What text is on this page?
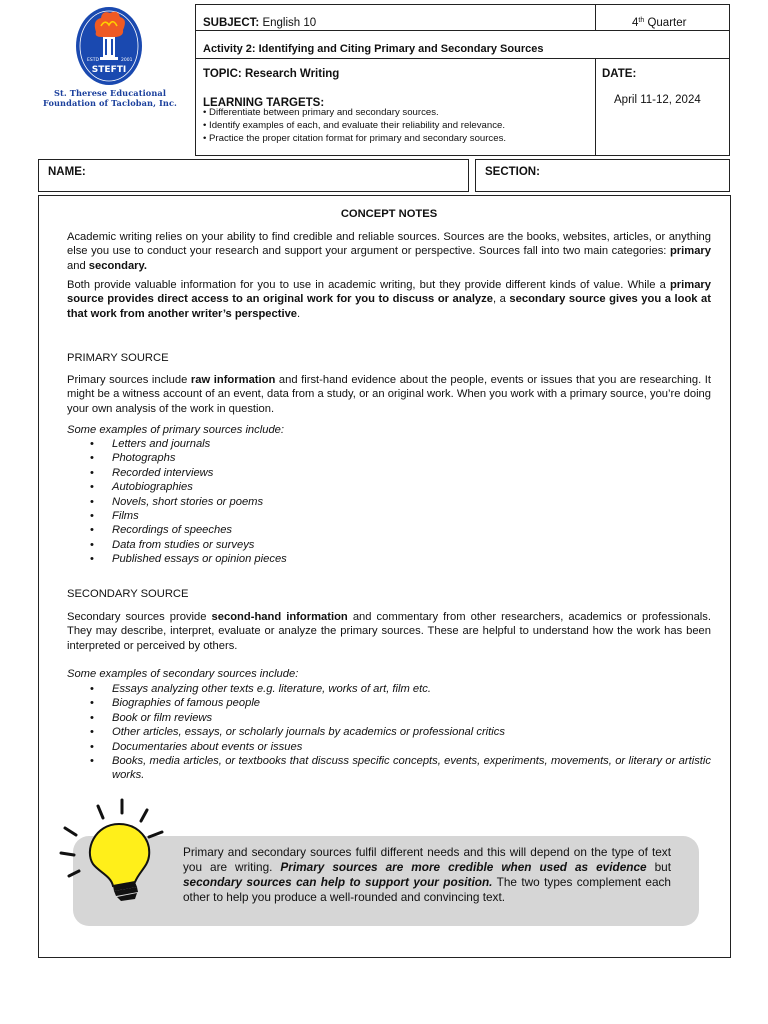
ESTD	2001
STEFTI
St. Therese Educational
Foundation of Tacloban, Inc.
SUBJECT: English 10	4th Quarter
Activity 2: Identifying and Citing Primary and Secondary Sources
TOPIC: Research Writing
LEARNING TARGETS:
• Differentiate between primary and secondary sources.
• Identify examples of each, and evaluate their reliability and relevance.
• Practice the proper citation format for primary and secondary sources.
DATE:
April 11-12, 2024
NAME:	SECTION:
CONCEPT NOTES

Academic writing relies on your ability to find credible and reliable sources. Sources are the books, websites, articles, or anything else you use to conduct your research and support your argument or perspective. Sources fall into two main categories: primary and secondary.

Both provide valuable information for you to use in academic writing, but they provide different kinds of value. While a primary source provides direct access to an original work for you to discuss or analyze, a secondary source gives you a look at that work from another writer’s perspective.

PRIMARY SOURCE

Primary sources include raw information and first-hand evidence about the people, events or issues that you are researching. It might be a witness account of an event, data from a study, or an original work. When you work with a primary source, you’re doing your own analysis of the work in question.

Some examples of primary sources include:
• Letters and journals
• Photographs
• Recorded interviews
• Autobiographies
• Novels, short stories or poems
• Films
• Recordings of speeches
• Data from studies or surveys
• Published essays or opinion pieces
SECONDARY SOURCE

Secondary sources provide second-hand information and commentary from other researchers, academics or professionals. They may describe, interpret, evaluate or analyze the primary sources. These are helpful to understand how the work has been interpreted or perceived by others.

Some examples of secondary sources include:
• Essays analyzing other texts e.g. literature, works of art, film etc.
• Biographies of famous people
• Book or film reviews
• Other articles, essays, or scholarly journals by academics or professional critics
• Documentaries about events or issues
• Books, media articles, or textbooks that discuss specific concepts, events, experiments, movements, or literary or artistic works.

Primary and secondary sources fulfil different needs and this will depend on the type of text you are writing. Primary sources are more credible when used as evidence but secondary sources can help to support your position. The two types complement each other to help you produce a well-rounded and convincing text.
